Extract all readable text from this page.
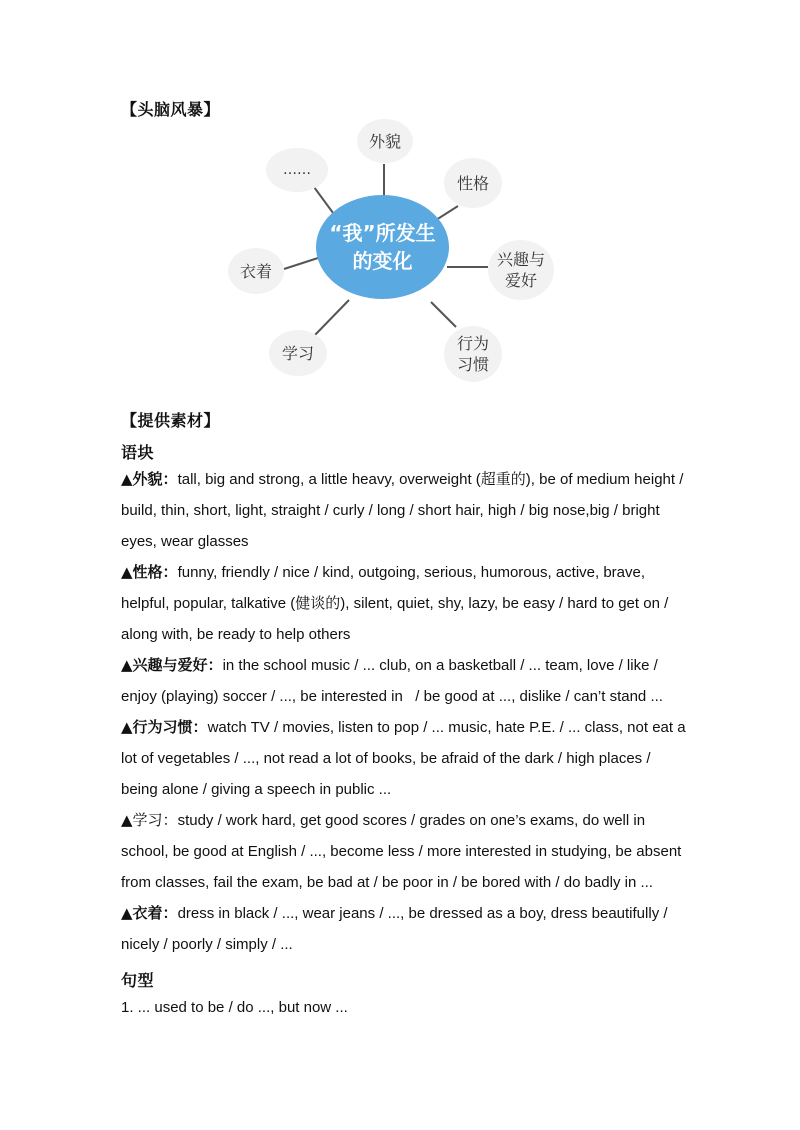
【头脑风暴】
“我”所发生
的变化
外貌
性格
兴趣与
爱好
行为
习惯
学习
衣着
……
【提供素材】
语块

▲外貌：tall, big and strong, a little heavy, overweight (超重的), be of medium height / build, thin, short, light, straight / curly / long / short hair, high / big nose,big / bright eyes, wear glasses

▲性格：funny, friendly / nice / kind, outgoing, serious, humorous, active, brave, helpful, popular, talkative (健谈的), silent, quiet, shy, lazy, be easy / hard to get on / along with, be ready to help others

▲兴趣与爱好：in the school music / ... club, on a basketball / ... team, love / like / enjoy (playing) soccer / ..., be interested in   / be good at ..., dislike / can’t stand ...

▲行为习惯：watch TV / movies, listen to pop / ... music, hate P.E. / ... class, not eat a lot of vegetables / ..., not read a lot of books, be afraid of the dark / high places / being alone / giving a speech in public ...

▲学习：study / work hard, get good scores / grades on one’s exams, do well in school, be good at English / ..., become less / more interested in studying, be absent from classes, fail the exam, be bad at / be poor in / be bored with / do badly in ...

▲衣着：dress in black / ..., wear jeans / ..., be dressed as a boy, dress beautifully / nicely / poorly / simply / ...

句型

1. ... used to be / do ..., but now ...
